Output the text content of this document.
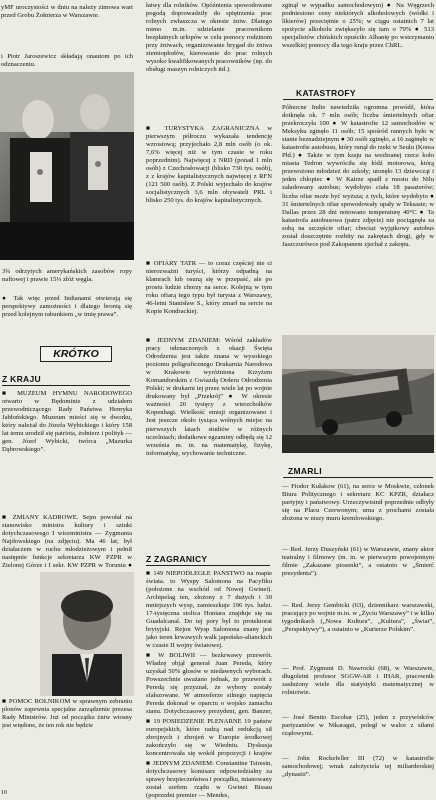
yMF uroczystości w dniu na należy zimowa wart przed Grobu Żołnierza w Warszawie.

i Piotr Jaroszewicz składają onautom po ich odznaczeniu.

3¾ odrzytych amerykańskich zasobów ropy naftowej i prawie 15⅓ złóż węgla.

● Tak więc przed Indianami otwierają się perspektywy zamożności i dlatego bronią się przed kolejnym rabunkiem „w imię prawa”.

KRÓTKO
Z KRAJU

■ MUZEUM HYMNU NARODOWEGO otwarto w Będominie z udziałem przewodniczącego Rady Państwa Henryka Jabłońskiego. Muzeum mieści się w dworku, który należał do Józefa Wybickiego i który 158 lat temu urodził się patriota, żołnierz i polityk — gen. Józef Wybicki, twórca „Mazurka Dąbrowskiego”.

■ ZMIANY KADROWE. Sejm powołał na stanowisko ministra kultury i sztuki dotychczasowego I wiceministra — Zygmunta Najdowskiego (na zdjęciu). Ma 46 lat; był działaczem w ruchu młodzieżowym i pełnił następnie funkcje sekretarza KW PZPR w Zielonej Górze i I sekr. KW PZPR w Toruniu ●

■ POMOC ROLNIKOM w sprawnym zebraniu plonów zapewnia specjalne zarządzenie prezesa Rady Ministrów. Już od początku żniw wiosny jest więdone, że ten rok nie będzie

łatwy dla rolników. Opóźnienia spowodowane pogodą doprowadziły do spiętrzenia prac rolnych zwłaszcza w okresie żniw. Dlatego mimo m.in. udzielanie pracownikom bezpłatnych urlopów w celu pomocy rodzinom przy żniwach, organizowanie brygad do żniwa ziemiopłodów, kierowanie do prac rolnych wysoko kwalifikowanych pracowników (np. do obsługi maszyn rolniczych itd.).

■ TURYSTYKA ZAGRANICZNA w pierwszym półroczu wykazała tendencję wzrostową; przyjechało 2,8 mln osób (o ok. 7,6% więcej niż w tym czasie w roku poprzednim). Najwięcej z NRD (ponad 1 mln osób) z Czechosłowacji (blisko 730 tys. osób), z z krajów kapitalistycznych najwięcej z RFN (121 500 osób). Z Polski wyjechało do krajów socjalistycznych 3,6 mln obywateli PRL i blisko 250 tys. do krajów kapitalistycznych.

■ OFIARY TATR — to coraz częściej nie ci nierozważni turyści, którzy odpadną na klamrach lub osuną się w przepaść, ale po prostu ludzie chorzy na serce. Kolejną w tym roku ofiarą tego typu był turysta z Warszawy, 46-letni Stanisław S., który zmarł na sercie na Kopie Kondrackiej.

■ JEDNYM ZDANIEM: Wśród zakładów pracy odznaczonych z okazji Święta Odrodzenia jest także znana w wysokiego poziomu poligraficznego Drukarnia Narodowa w Krakowie wyróżniona Krzyżem Komandorskim z Gwiazdą Orderu Odrodzenia Polski; w drukarni tej przez wiele lat po wojnie drukowany był „Przekrój” ● W okresie ważności 20 tysięcy z wierzchołków Kopenhagi. Wielkość emisji organizowano i Jest jeszcze około tysiąca wolnych miejsc na pierwszych latach studiów w różnych uczelniach; dodatkowe egzaminy odbędą się 12 września m. in. na matematykę, fizykę, informatykę, wychowanie techniczne.

Z ZAGRANICY

■ 149 NIEPODLEGŁE PAŃSTWO na mapie świata. to Wyspy Salomona na Pacyfiku (położone na wschód od Nowej Gwinei). Archipelag ten, złożony z 7 dużych i 30 mniejszych wysp, zamieszkuje 196 tys. ludzi. 17-tysięczna stolica Honiara znajduje się na Guadalcanal. Do tej pory był to protektorat brytyjski. Rejon Wysp Salomona znany jest jako teren krwawych walk japońsko-alianckich w czasie II wojny światowej.

■ W BOLIWII — bezkrwawy przewrót. Władzę objął generał Juan Pereda, który uzyskał 50% głosów w niedawnych wyborach. Powszechnie uważano jednak, że przewrót z Peredą się przyznał, że wybory zostały sfałszowane. W atmosferze silnego napięcia Pereda dokonał w oparciu o wojsko zamachu stanu. Dotychczasowy prezydent, gen. Banzer,

■ 19 POSIEDZENIE PLENARNE 19 państw europejskich, które radzą nad redukcją sił zbrojnych i zbrojeń w Europie środkowej zakończyło się w Wiedniu. Dyskusja koncentrowała się wokół propozycji i krajów

■ JEDNYM ZDANIEM: Constantine Tsiresin, dotychczasowy komisarz odpowiedzialny za sprawy bezpieczeństwa i porządku, mianowany został szefem rządu w Gwinei Bissau (poprzedni premier — Mendes,

zginął w wypadku samochodowym) ● Na Węgrzech podniesiono ceny niektórych alkoholowych (wódki i likierów) przeciętnie o 25%; w ciągu ostatnich 7 lat spożycie alkoholu zwiększyło się tam o 79% ● 513 specjalistów chińskich opuściło Albanię po wstrzymaniu wszelkiej pomocy dla tego kraju przez ChRL.

KATASTROFY

Północne Indie nawiedziła ogromna powódź, która dotknęła ok. 7 mln osób; liczba śmiertelnych ofiar przekroczyła 100 ● W katastrofie 12 samochodów w Meksyku zginęło 11 osób; 15 spośród rannych było w stanie beznadziejnym ● 30 osób zginęło, a 16 zaginęło w katastrofie autobusu, który runął do rzeki w Seulu (Korea Płd.) ● Także w tym kraju na wezbranej rzece koło miasta Tedron wywróciła się łódź motorowa, którą przewożono młodzież do szkoły; utonęło 13 dziewcząt i jeden chłopiec ● W Kairze spadł z mostu do Nilu załadowany autobus; wydobyto ciała 18 pasażerów; liczba ofiar może być wyższa; z tych, które wydobyto ● 31 śmiertelnych ofiar spowodowały upały w Teksasie; w Dallas przez 28 dni notowano temperaturę 40°C ● Ta katastrofa autobusowa (patrz zdjęcie) nie pociągnęła za sobą na szczęście ofiar; chociaż wyjątkowy autobus został doszczętnie rozbity na zakrętach drogi, gdy w Jaszczurówce pod Zakopanem zjechał z zakrętu.

ZMARLI

— Fiodor Kułakow (61), na serce w Moskwie, członek Biura Politycznego i sekretarz KC KPZR, działacz partyjny i państwowy. Urzeczywistnił poprzednie odbyły się na Placu Czerwonym; urna z prochami została złożona w niszy muru kremlowskiego.

— Red. Jerzy Duszyński (61) w Warszawie, znany aktor teatralny i filmowy (m. in. w pierwszym powojennym filmie „Zakazane piosenki”, a ostatnio w „Śmierć prezydenta”).

— Red. Jerzy Gembicki (63), dziennikarz warszawski, pracujący po wojnie m.in. w „Życiu Warszawy” i w kilku tygodnikach („Nowa Kultura”, „Kultura”, „Świat”, „Perspektywy”), a ostatnio w „Kurierze Polskim”.

— Prof. Zygmunt D. Nawrocki (68), w Warszawie, długoletni profesor SGGW-AR i IHAR, pracownik zasłużony wiele dla statystyki matematycznej w rolnictwie.

— José Benito Escobar (25), jeden z przywódców partyzantów w Nikaragui, poległ w walce z siłami rządowymi.

— John Rockefeller III (72) w katastrofie samochodowej; wnuk założyciela tej miliarderskiej „dynastii”.

10
